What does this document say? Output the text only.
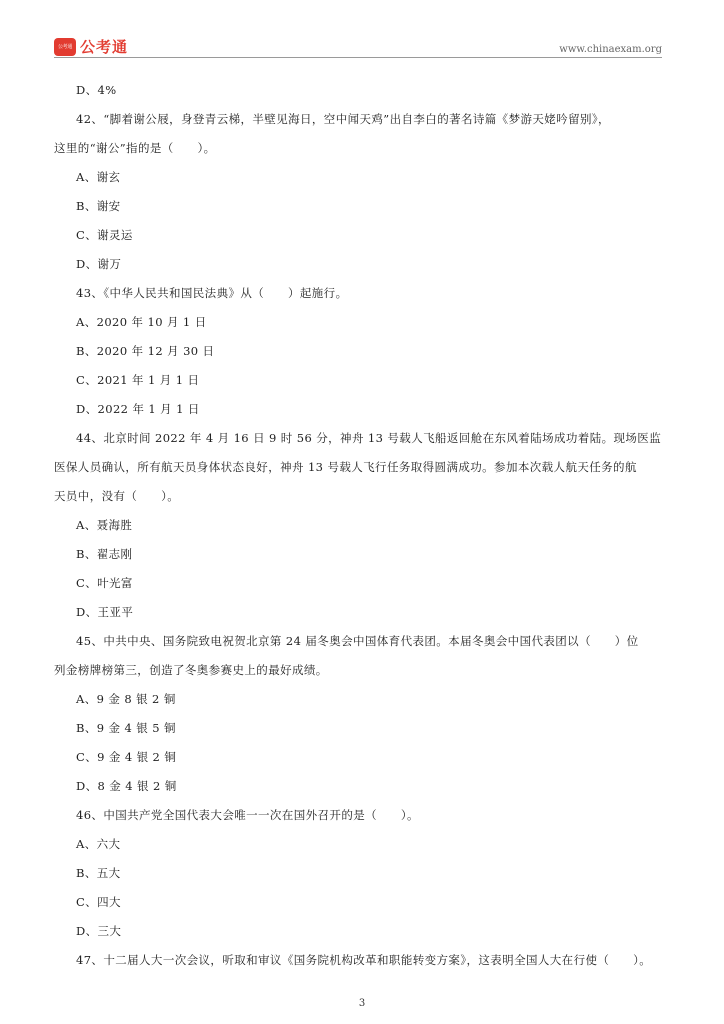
公考通 公考通	www.chinaexam.org
D、4%
42、“脚着谢公屐，身登青云梯，半壁见海日，空中闻天鸡”出自李白的著名诗篇《梦游天姥吟留别》，
这里的“谢公”指的是（　　）。
A、谢玄
B、谢安
C、谢灵运
D、谢万
43、《中华人民共和国民法典》从（　　）起施行。
A、2020 年 10 月 1 日
B、2020 年 12 月 30 日
C、2021 年 1 月 1 日
D、2022 年 1 月 1 日
44、北京时间 2022 年 4 月 16 日 9 时 56 分，神舟 13 号载人飞船返回舱在东风着陆场成功着陆。现场医监
医保人员确认，所有航天员身体状态良好，神舟 13 号载人飞行任务取得圆满成功。参加本次载人航天任务的航
天员中，没有（　　）。
A、聂海胜
B、翟志刚
C、叶光富
D、王亚平
45、中共中央、国务院致电祝贺北京第 24 届冬奥会中国体育代表团。本届冬奥会中国代表团以（　　）位
列金榜牌榜第三，创造了冬奥参赛史上的最好成绩。
A、9 金 8 银 2 铜
B、9 金 4 银 5 铜
C、9 金 4 银 2 铜
D、8 金 4 银 2 铜
46、中国共产党全国代表大会唯一一次在国外召开的是（　　）。
A、六大
B、五大
C、四大
D、三大
47、十二届人大一次会议，听取和审议《国务院机构改革和职能转变方案》，这表明全国人大在行使（　　）。
3
